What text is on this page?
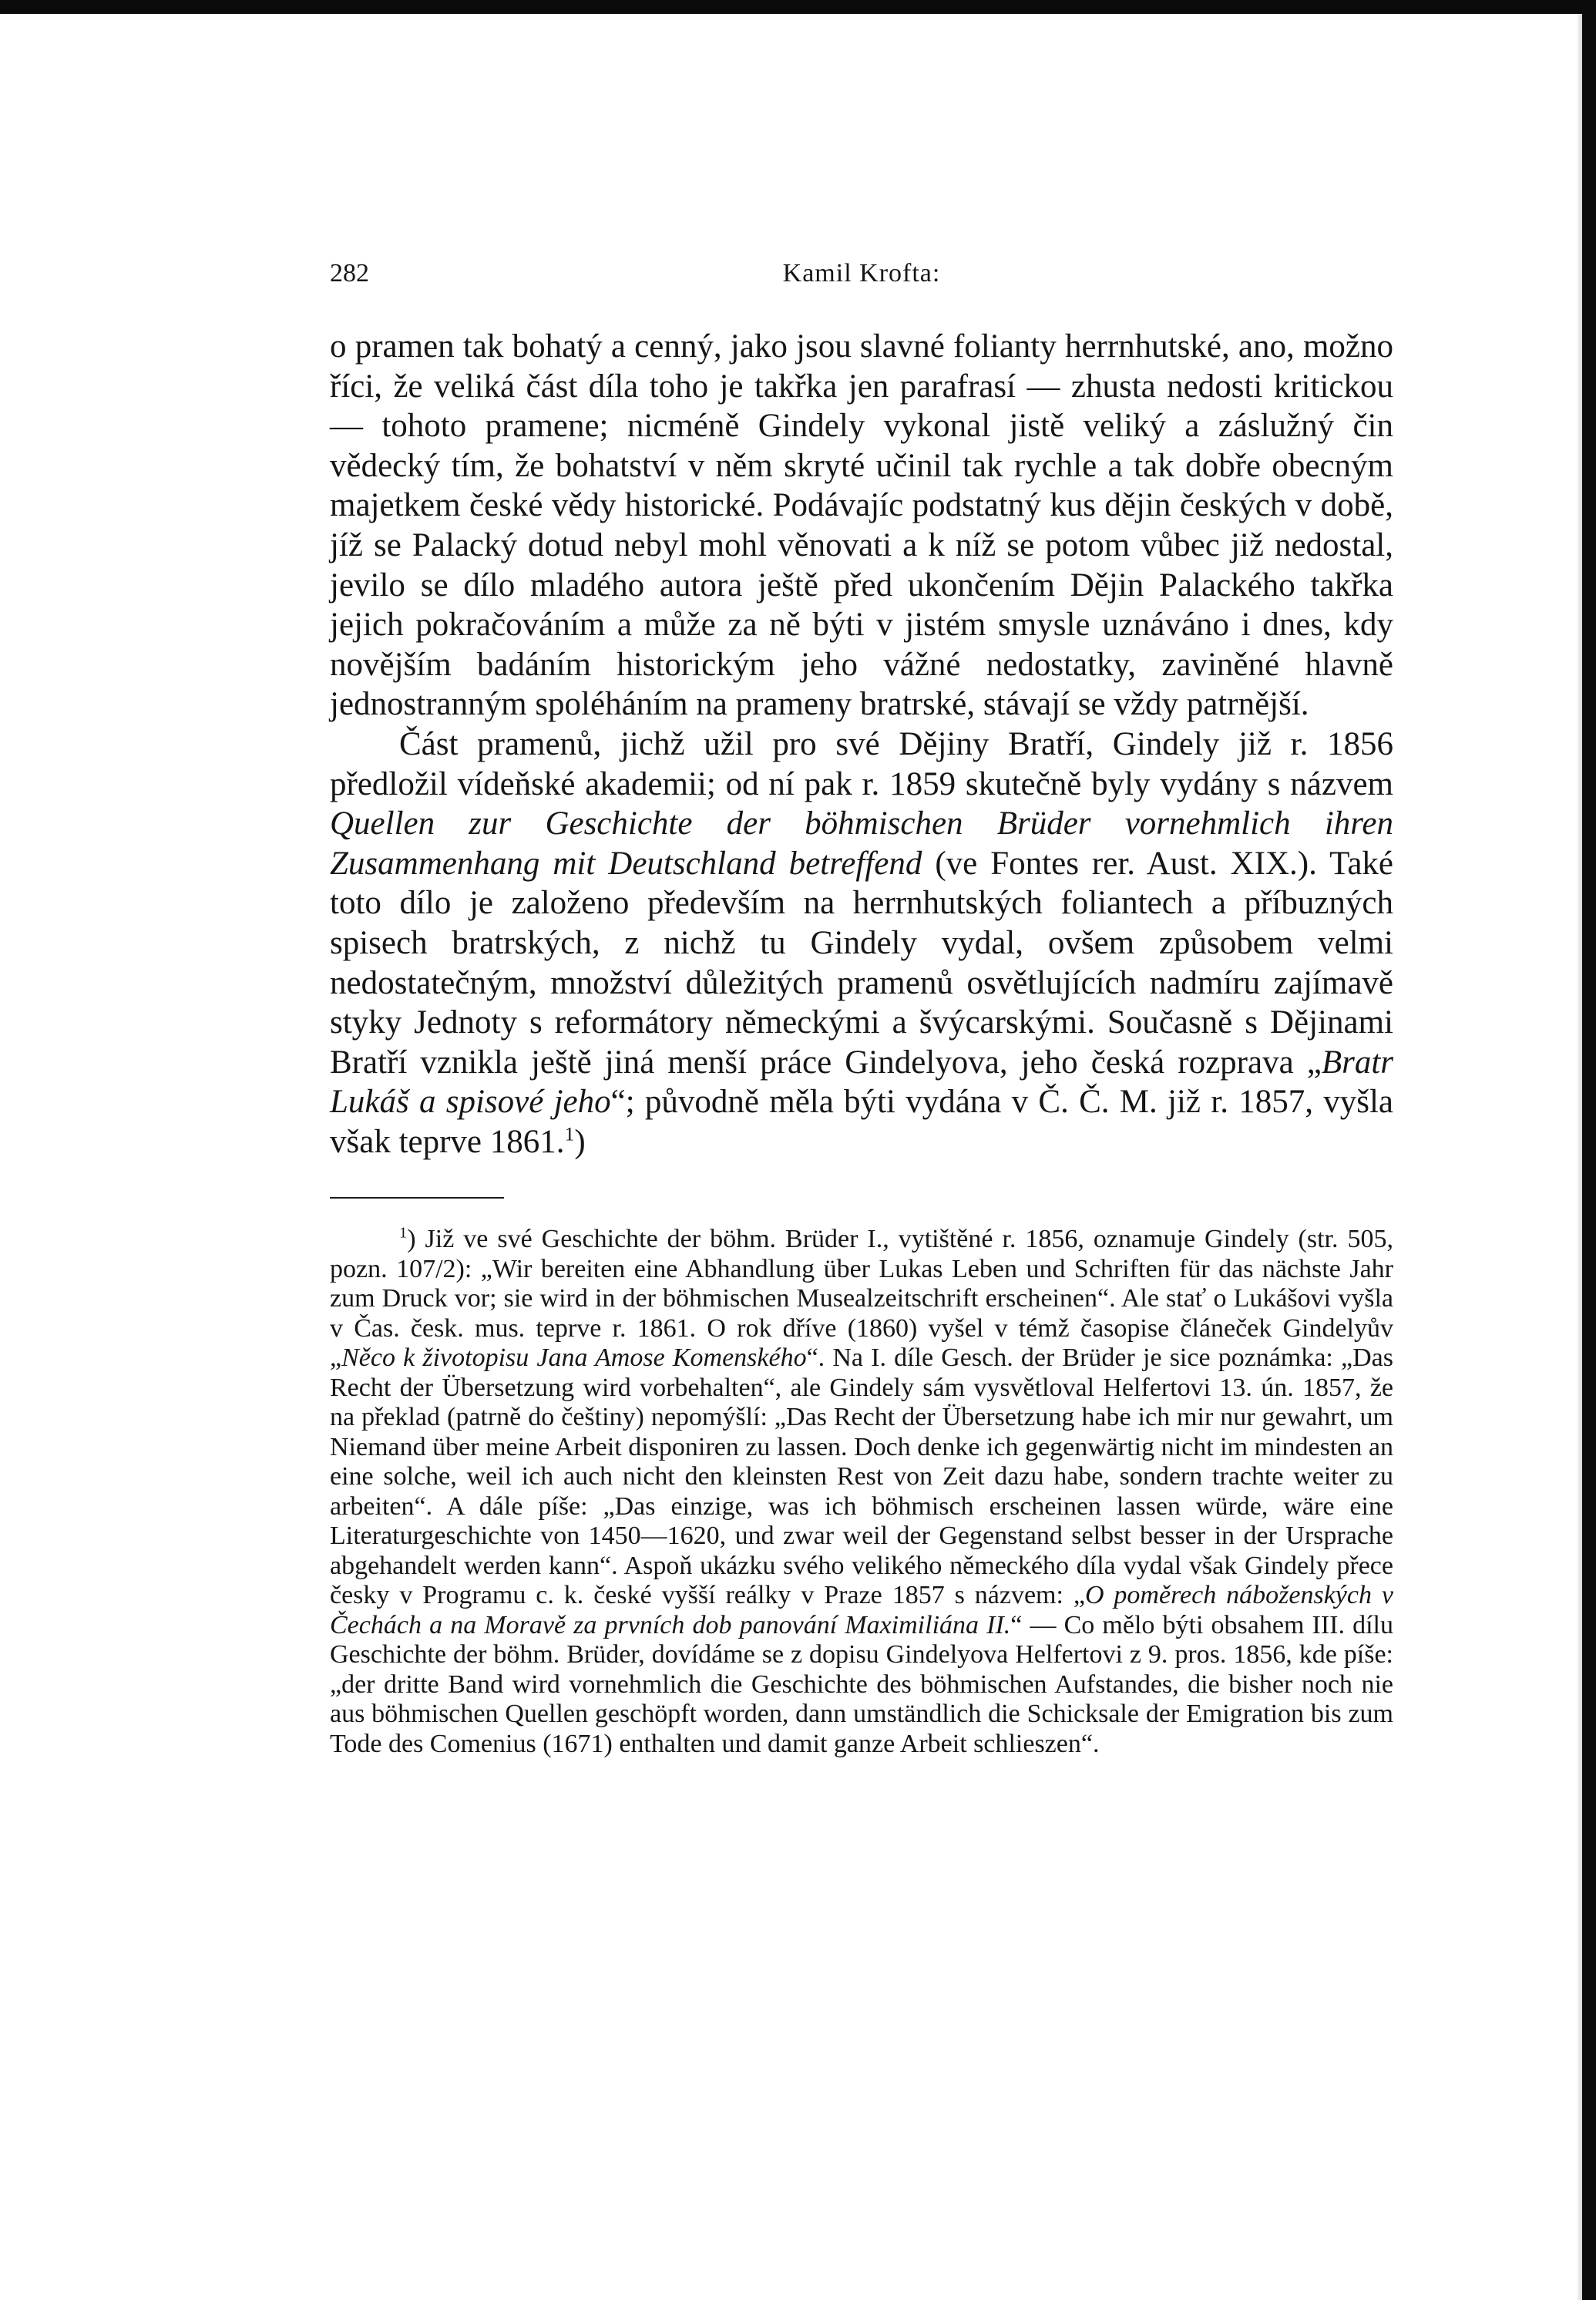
282	Kamil Krofta:

o pramen tak bohatý a cenný, jako jsou slavné folianty herrnhutské, ano, možno říci, že veliká část díla toho je takřka jen parafrasí — zhusta nedosti kritickou — tohoto pramene; nicméně Gindely vykonal jistě veliký a záslužný čin vědecký tím, že bohatství v něm skryté učinil tak rychle a tak dobře obecným majetkem české vědy historické. Podávajíc podstatný kus dějin českých v době, jíž se Palacký dotud nebyl mohl věnovati a k níž se potom vůbec již nedostal, jevilo se dílo mladého autora ještě před ukončením Dějin Palackého takřka jejich pokračováním a může za ně býti v jistém smysle uznáváno i dnes, kdy novějším badáním historickým jeho vážné nedostatky, zaviněné hlavně jednostranným spoléháním na prameny bratrské, stávají se vždy patrnější.

Část pramenů, jichž užil pro své Dějiny Bratří, Gindely již r. 1856 předložil vídeňské akademii; od ní pak r. 1859 skutečně byly vydány s názvem Quellen zur Geschichte der böhmischen Brüder vornehmlich ihren Zusammenhang mit Deutschland betreffend (ve Fontes rer. Aust. XIX.). Také toto dílo je založeno především na herrnhutských foliantech a příbuzných spisech bratrských, z nichž tu Gindely vydal, ovšem způsobem velmi nedostatečným, množství důležitých pramenů osvětlujících nadmíru zajímavě styky Jednoty s reformátory německými a švýcarskými. Současně s Dějinami Bratří vznikla ještě jiná menší práce Gindelyova, jeho česká rozprava „Bratr Lukáš a spisové jeho“; původně měla býti vydána v Č. Č. M. již r. 1857, vyšla však teprve 1861.$^1$)

$^1$) Již ve své Geschichte der böhm. Brüder I., vytištěné r. 1856, oznamuje Gindely (str. 505, pozn. 107/2): „Wir bereiten eine Abhandlung über Lukas Leben und Schriften für das nächste Jahr zum Druck vor; sie wird in der böhmischen Musealzeitschrift erscheinen“. Ale stať o Lukášovi vyšla v Čas. česk. mus. teprve r. 1861. O rok dříve (1860) vyšel v témž časopise článeček Gindelyův „Něco k životopisu Jana Amose Komenského“. Na I. díle Gesch. der Brüder je sice poznámka: „Das Recht der Übersetzung wird vorbehalten“, ale Gindely sám vysvětloval Helfertovi 13. ún. 1857, že na překlad (patrně do češtiny) nepomýšlí: „Das Recht der Übersetzung habe ich mir nur gewahrt, um Niemand über meine Arbeit disponiren zu lassen. Doch denke ich gegenwärtig nicht im mindesten an eine solche, weil ich auch nicht den kleinsten Rest von Zeit dazu habe, sondern trachte weiter zu arbeiten“. A dále píše: „Das einzige, was ich böhmisch erscheinen lassen würde, wäre eine Literaturgeschichte von 1450—1620, und zwar weil der Gegenstand selbst besser in der Ursprache abgehandelt werden kann“. Aspoň ukázku svého velikého německého díla vydal však Gindely přece česky v Programu c. k. české vyšší reálky v Praze 1857 s názvem: „O poměrech náboženských v Čechách a na Moravě za prvních dob panování Maximiliána II.“ — Co mělo býti obsahem III. dílu Geschichte der böhm. Brüder, dovídáme se z dopisu Gindelyova Helfertovi z 9. pros. 1856, kde píše: „der dritte Band wird vornehmlich die Geschichte des böhmischen Aufstandes, die bisher noch nie aus böhmischen Quellen geschöpft worden, dann umständlich die Schicksale der Emigration bis zum Tode des Comenius (1671) enthalten und damit ganze Arbeit schlieszen“.
